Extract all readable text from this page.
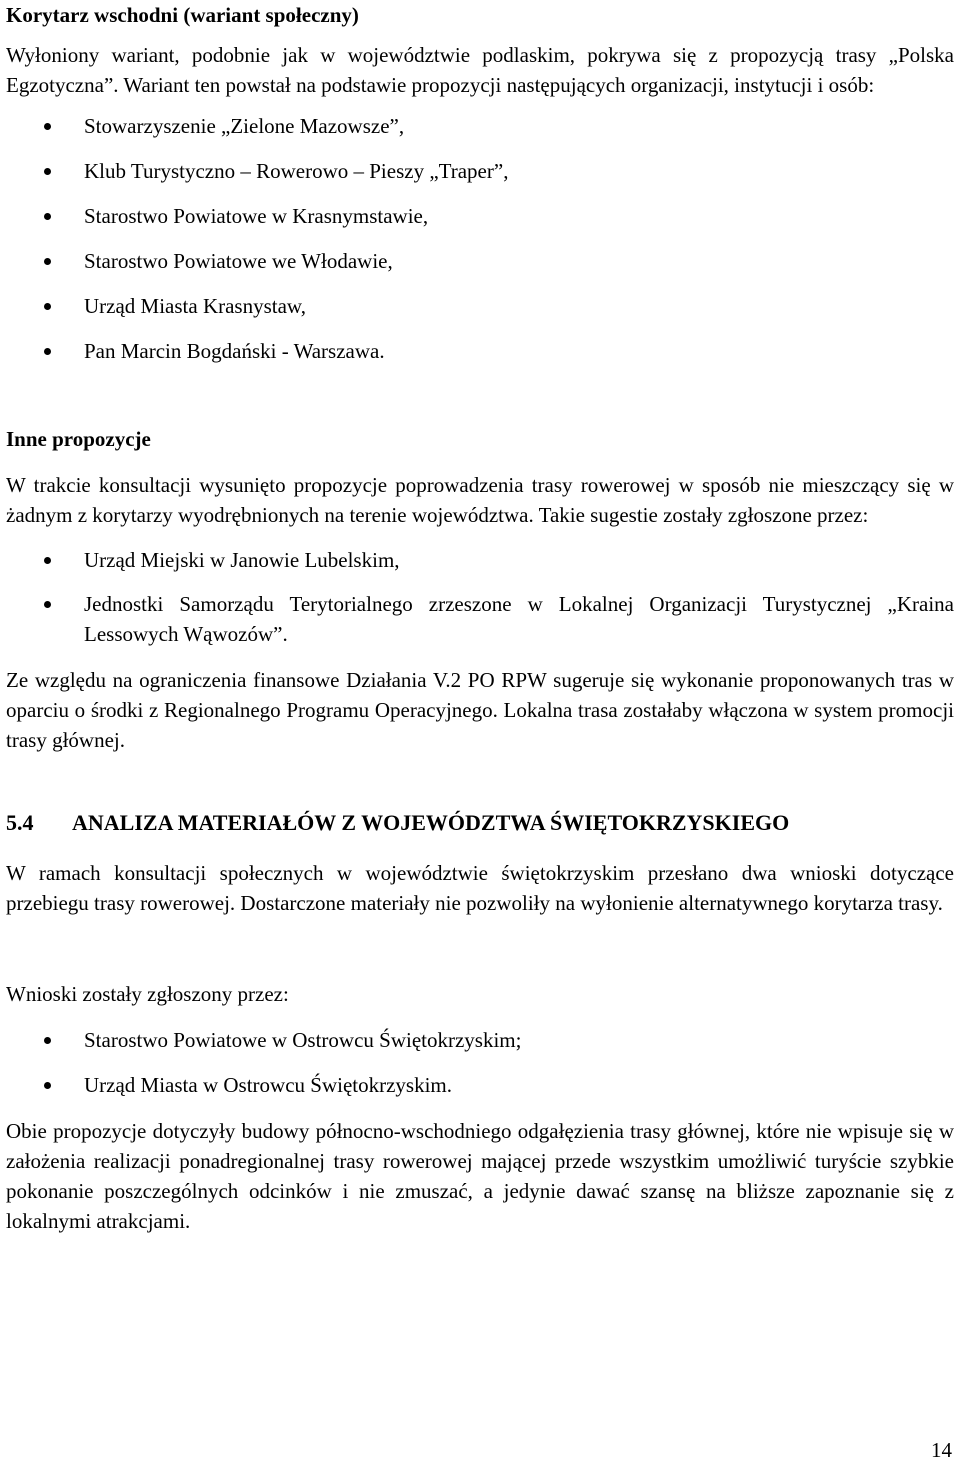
Korytarz wschodni (wariant społeczny)

Wyłoniony wariant, podobnie jak w województwie podlaskim, pokrywa się z propozycją trasy „Polska Egzotyczna”. Wariant ten powstał na podstawie propozycji następujących organizacji, instytucji i osób:

Stowarzyszenie „Zielone Mazowsze”,
Klub Turystyczno – Rowerowo – Pieszy „Traper”,
Starostwo Powiatowe w Krasnymstawie,
Starostwo Powiatowe we Włodawie,
Urząd Miasta Krasnystaw,
Pan Marcin Bogdański - Warszawa.
Inne propozycje

W trakcie konsultacji wysunięto propozycje poprowadzenia trasy rowerowej w sposób nie mieszczący się w żadnym z korytarzy wyodrębnionych na terenie województwa. Takie sugestie zostały zgłoszone przez:

Urząd Miejski w Janowie Lubelskim,
Jednostki Samorządu Terytorialnego zrzeszone w Lokalnej Organizacji Turystycznej „Kraina Lessowych Wąwozów”.

Ze względu na ograniczenia finansowe Działania V.2 PO RPW sugeruje się wykonanie proponowanych tras w oparciu o środki z Regionalnego Programu Operacyjnego. Lokalna trasa zostałaby włączona w system promocji trasy głównej.

5.4	ANALIZA MATERIAŁÓW Z WOJEWÓDZTWA ŚWIĘTOKRZYSKIEGO

W ramach konsultacji społecznych w województwie świętokrzyskim przesłano dwa wnioski dotyczące przebiegu trasy rowerowej. Dostarczone materiały nie pozwoliły na wyłonienie alternatywnego korytarza trasy.

Wnioski zostały zgłoszony przez:

Starostwo Powiatowe w Ostrowcu Świętokrzyskim;
Urząd Miasta w Ostrowcu Świętokrzyskim.

Obie propozycje dotyczyły budowy północno-wschodniego odgałęzienia trasy głównej, które nie wpisuje się w założenia realizacji ponadregionalnej trasy rowerowej mającej przede wszystkim umożliwić turyście szybkie pokonanie poszczególnych odcinków i nie zmuszać, a jedynie dawać szansę na bliższe zapoznanie się z lokalnymi atrakcjami.

14
